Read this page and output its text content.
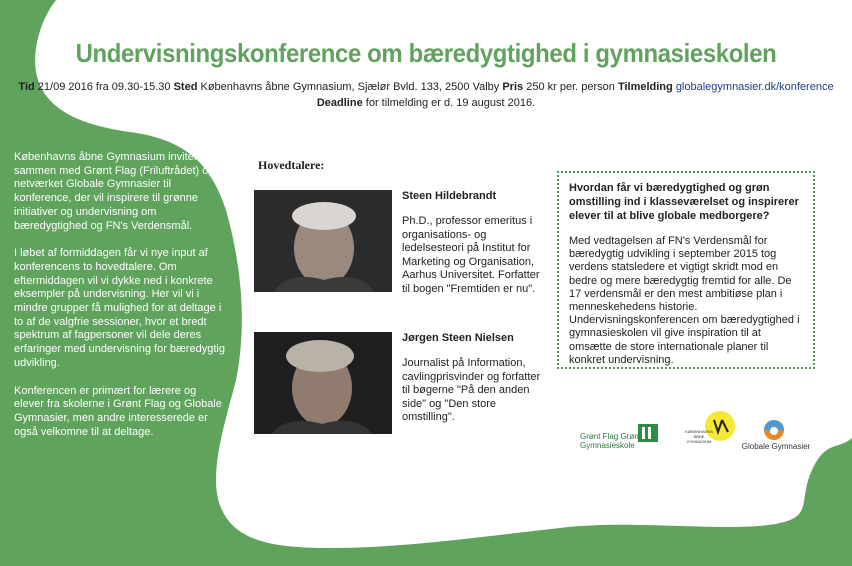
Undervisningskonference om bæredygtighed i gymnasieskolen
Tid 21/09 2016 fra 09.30-15.30 Sted Københavns åbne Gymnasium, Sjælør Bvld. 133, 2500 Valby Pris 250 kr per. person Tilmelding globalegymnasier.dk/konference
Deadline for tilmelding er d. 19 august 2016.

Københavns åbne Gymnasium inviterer sammen med Grønt Flag (Friluftrådet) og netværket Globale Gymnasier til konference, der vil inspirere til grønne initiativer og undervisning om bæredygtighed og FN's Verdensmål.

I løbet af formiddagen får vi nye input af konferencens to hovedtalere. Om eftermiddagen vil vi dykke ned i konkrete eksempler på undervisning. Her vil vi i mindre grupper få mulighed for at deltage i to af de valgfrie sessioner, hvor et bredt spektrum af fagpersoner vil dele deres erfaringer med undervisning for bæredygtig udvikling.

Konferencen er primært for lærere og elever fra skolerne i Grønt Flag og Globale Gymnasier, men andre interesserede er også velkomne til at deltage.

Hovedtalere:
Steen Hildebrandt
Ph.D., professor emeritus i organisations- og ledelsesteori på Institut for Marketing og Organisation, Aarhus Universitet. Forfatter til bogen "Fremtiden er nu".
Jørgen Steen Nielsen
Journalist på Information, cavlingprisvinder og forfatter til bøgerne "På den anden side" og "Den store omstilling".
Hvordan får vi bæredygtighed og grøn omstilling ind i klasseværelset og inspirerer elever til at blive globale medborgere?
Med vedtagelsen af FN's Verdensmål for bæredygtig udvikling i september 2015 tog verdens statsledere et vigtigt skridt mod en bedre og mere bæredygtig fremtid for alle. De 17 verdensmål er den mest ambitiøse plan i menneskehedens historie. Undervisningskonferencen om bæredygtighed i gymnasieskolen vil give inspiration til at omsætte de store internationale planer til konkret undervisning.
Grønt Flag Grøn
Gymnasieskole
KØBENHAVNS
ÅBNE
GYMNASIUM
Globale Gymnasier
